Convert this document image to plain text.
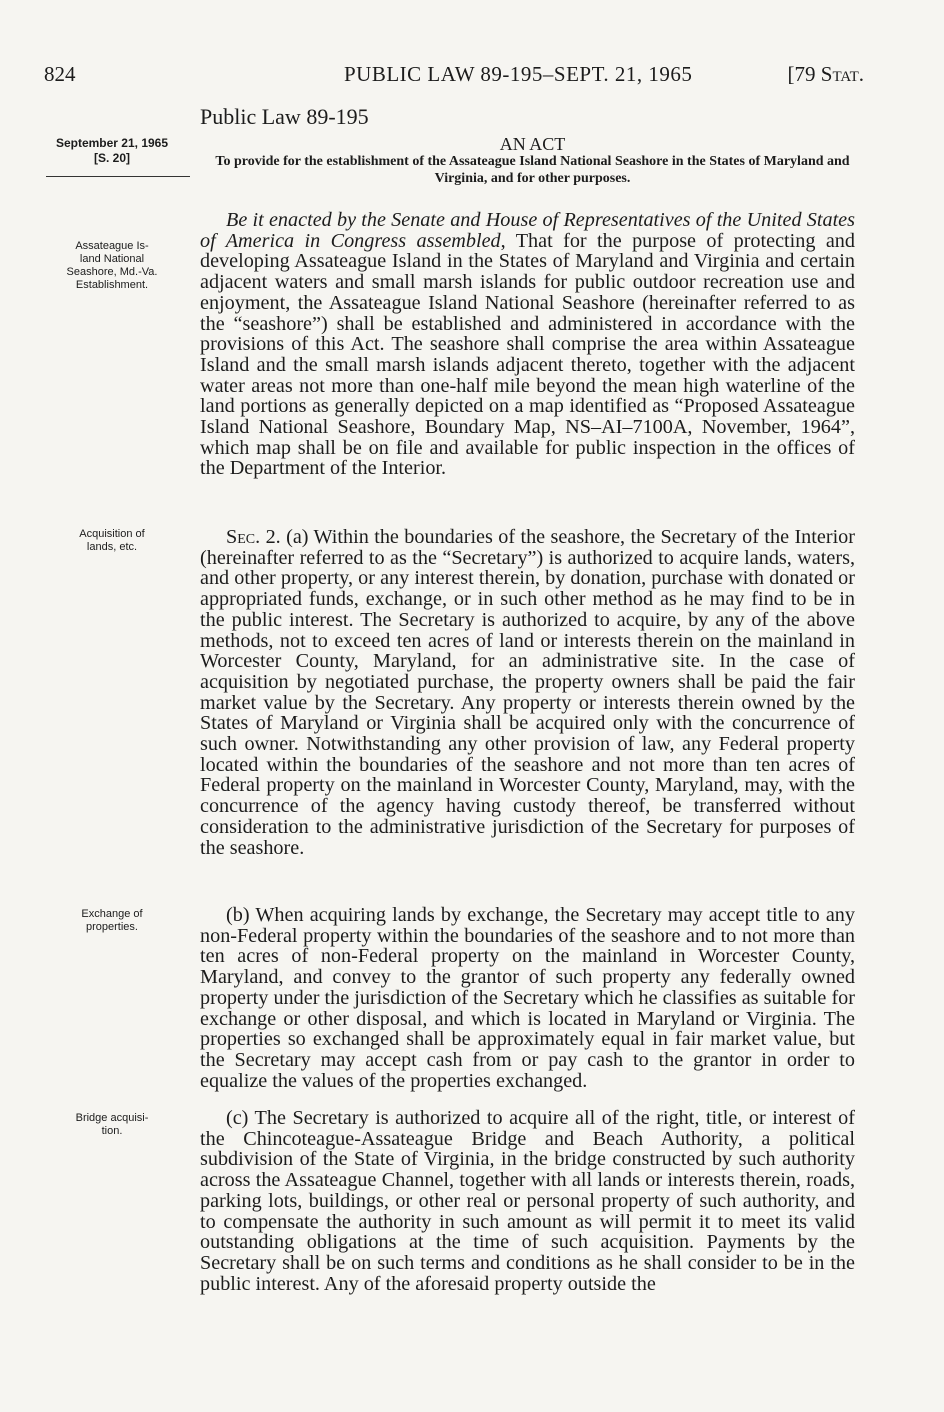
824	PUBLIC LAW 89-195–SEPT. 21, 1965	[79 Stat.
Public Law 89-195
September 21, 1965
[S. 20]
AN ACT
To provide for the establishment of the Assateague Island National Seashore in the States of Maryland and Virginia, and for other purposes.
Assateague Is-
land National
Seashore, Md.-Va.
Establishment.
Acquisition of
lands, etc.
Exchange of
properties.
Bridge acquisi-
tion.

Be it enacted by the Senate and House of Representatives of the United States of America in Congress assembled, That for the purpose of protecting and developing Assateague Island in the States of Maryland and Virginia and certain adjacent waters and small marsh islands for public outdoor recreation use and enjoyment, the Assateague Island National Seashore (hereinafter referred to as the “seashore”) shall be established and administered in accordance with the provisions of this Act. The seashore shall comprise the area within Assateague Island and the small marsh islands adjacent thereto, together with the adjacent water areas not more than one-half mile beyond the mean high waterline of the land portions as generally depicted on a map identified as “Proposed Assateague Island National Seashore, Boundary Map, NS–AI–7100A, November, 1964”, which map shall be on file and available for public inspection in the offices of the Department of the Interior.

Sec. 2. (a) Within the boundaries of the seashore, the Secretary of the Interior (hereinafter referred to as the “Secretary”) is authorized to acquire lands, waters, and other property, or any interest therein, by donation, purchase with donated or appropriated funds, exchange, or in such other method as he may find to be in the public interest. The Secretary is authorized to acquire, by any of the above methods, not to exceed ten acres of land or interests therein on the mainland in Worcester County, Maryland, for an administrative site. In the case of acquisition by negotiated purchase, the property owners shall be paid the fair market value by the Secretary. Any property or interests therein owned by the States of Maryland or Virginia shall be acquired only with the concurrence of such owner. Notwithstanding any other provision of law, any Federal property located within the boundaries of the seashore and not more than ten acres of Federal property on the mainland in Worcester County, Maryland, may, with the concurrence of the agency having custody thereof, be transferred without consideration to the administrative jurisdiction of the Secretary for purposes of the seashore.

(b) When acquiring lands by exchange, the Secretary may accept title to any non-Federal property within the boundaries of the seashore and to not more than ten acres of non-Federal property on the mainland in Worcester County, Maryland, and convey to the grantor of such property any federally owned property under the jurisdiction of the Secretary which he classifies as suitable for exchange or other disposal, and which is located in Maryland or Virginia. The properties so exchanged shall be approximately equal in fair market value, but the Secretary may accept cash from or pay cash to the grantor in order to equalize the values of the properties exchanged.

(c) The Secretary is authorized to acquire all of the right, title, or interest of the Chincoteague-Assateague Bridge and Beach Authority, a political subdivision of the State of Virginia, in the bridge constructed by such authority across the Assateague Channel, together with all lands or interests therein, roads, parking lots, buildings, or other real or personal property of such authority, and to compensate the authority in such amount as will permit it to meet its valid outstanding obligations at the time of such acquisition. Payments by the Secretary shall be on such terms and conditions as he shall consider to be in the public interest. Any of the aforesaid property outside the
